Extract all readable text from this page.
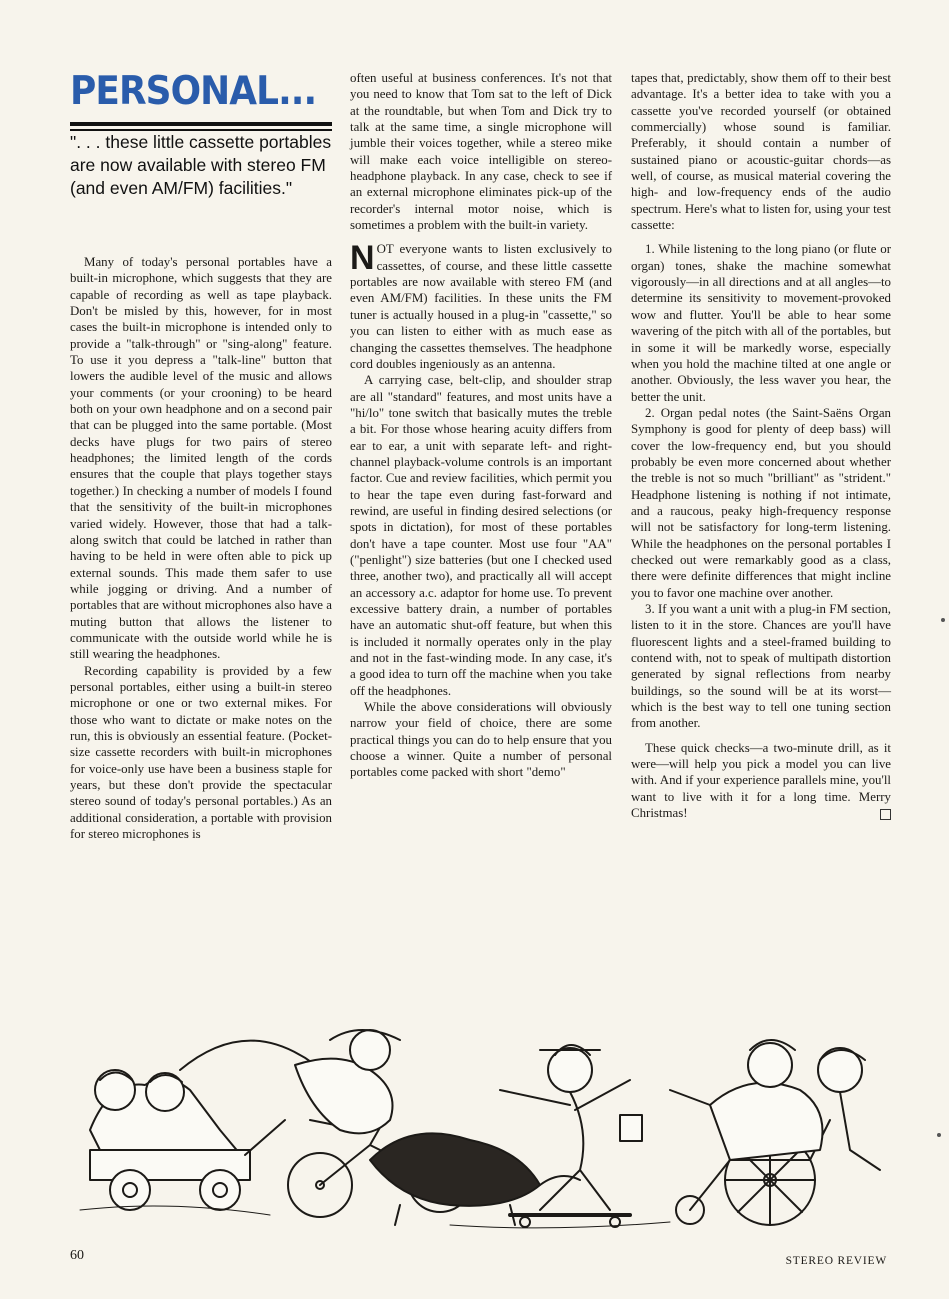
PERSONAL...

". . . these little cassette portables are now available with stereo FM (and even AM/FM) facilities."

Many of today's personal portables have a built-in microphone, which suggests that they are capable of recording as well as tape playback. Don't be misled by this, however, for in most cases the built-in microphone is intended only to provide a "talk-through" or "sing-along" feature. To use it you depress a "talk-line" button that lowers the audible level of the music and allows your comments (or your crooning) to be heard both on your own headphone and on a second pair that can be plugged into the same portable. (Most decks have plugs for two pairs of stereo headphones; the limited length of the cords ensures that the couple that plays together stays together.) In checking a number of models I found that the sensitivity of the built-in microphones varied widely. However, those that had a talk-along switch that could be latched in rather than having to be held in were often able to pick up external sounds. This made them safer to use while jogging or driving. And a number of portables that are without microphones also have a muting button that allows the listener to communicate with the outside world while he is still wearing the headphones.

Recording capability is provided by a few personal portables, either using a built-in stereo microphone or one or two external mikes. For those who want to dictate or make notes on the run, this is obviously an essential feature. (Pocket-size cassette recorders with built-in microphones for voice-only use have been a business staple for years, but these don't provide the spectacular stereo sound of today's personal portables.) As an additional consideration, a portable with provision for stereo microphones is

often useful at business conferences. It's not that you need to know that Tom sat to the left of Dick at the roundtable, but when Tom and Dick try to talk at the same time, a single microphone will jumble their voices together, while a stereo mike will make each voice intelligible on stereo-headphone playback. In any case, check to see if an external microphone eliminates pick-up of the recorder's internal motor noise, which is sometimes a problem with the built-in variety.

NOT everyone wants to listen exclusively to cassettes, of course, and these little cassette portables are now available with stereo FM (and even AM/FM) facilities. In these units the FM tuner is actually housed in a plug-in "cassette," so you can listen to either with as much ease as changing the cassettes themselves. The headphone cord doubles ingeniously as an antenna.

A carrying case, belt-clip, and shoulder strap are all "standard" features, and most units have a "hi/lo" tone switch that basically mutes the treble a bit. For those whose hearing acuity differs from ear to ear, a unit with separate left- and right-channel playback-volume controls is an important factor. Cue and review facilities, which permit you to hear the tape even during fast-forward and rewind, are useful in finding desired selections (or spots in dictation), for most of these portables don't have a tape counter. Most use four "AA" ("penlight") size batteries (but one I checked used three, another two), and practically all will accept an accessory a.c. adaptor for home use. To prevent excessive battery drain, a number of portables have an automatic shut-off feature, but when this is included it normally operates only in the play and not in the fast-winding mode. In any case, it's a good idea to turn off the machine when you take off the headphones.

While the above considerations will obviously narrow your field of choice, there are some practical things you can do to help ensure that you choose a winner. Quite a number of personal portables come packed with short "demo"

tapes that, predictably, show them off to their best advantage. It's a better idea to take with you a cassette you've recorded yourself (or obtained commercially) whose sound is familiar. Preferably, it should contain a number of sustained piano or acoustic-guitar chords—as well, of course, as musical material covering the high- and low-frequency ends of the audio spectrum. Here's what to listen for, using your test cassette:

1. While listening to the long piano (or flute or organ) tones, shake the machine somewhat vigorously—in all directions and at all angles—to determine its sensitivity to movement-provoked wow and flutter. You'll be able to hear some wavering of the pitch with all of the portables, but in some it will be markedly worse, especially when you hold the machine tilted at one angle or another. Obviously, the less waver you hear, the better the unit.

2. Organ pedal notes (the Saint-Saëns Organ Symphony is good for plenty of deep bass) will cover the low-frequency end, but you should probably be even more concerned about whether the treble is not so much "brilliant" as "strident." Headphone listening is nothing if not intimate, and a raucous, peaky high-frequency response will not be satisfactory for long-term listening. While the headphones on the personal portables I checked out were remarkably good as a class, there were definite differences that might incline you to favor one machine over another.

3. If you want a unit with a plug-in FM section, listen to it in the store. Chances are you'll have fluorescent lights and a steel-framed building to contend with, not to speak of multipath distortion generated by signal reflections from nearby buildings, so the sound will be at its worst—which is the best way to tell one tuning section from another.

These quick checks—a two-minute drill, as it were—will help you pick a model you can live with. And if your experience parallels mine, you'll want to live with it for a long time. Merry Christmas!

60	STEREO REVIEW
